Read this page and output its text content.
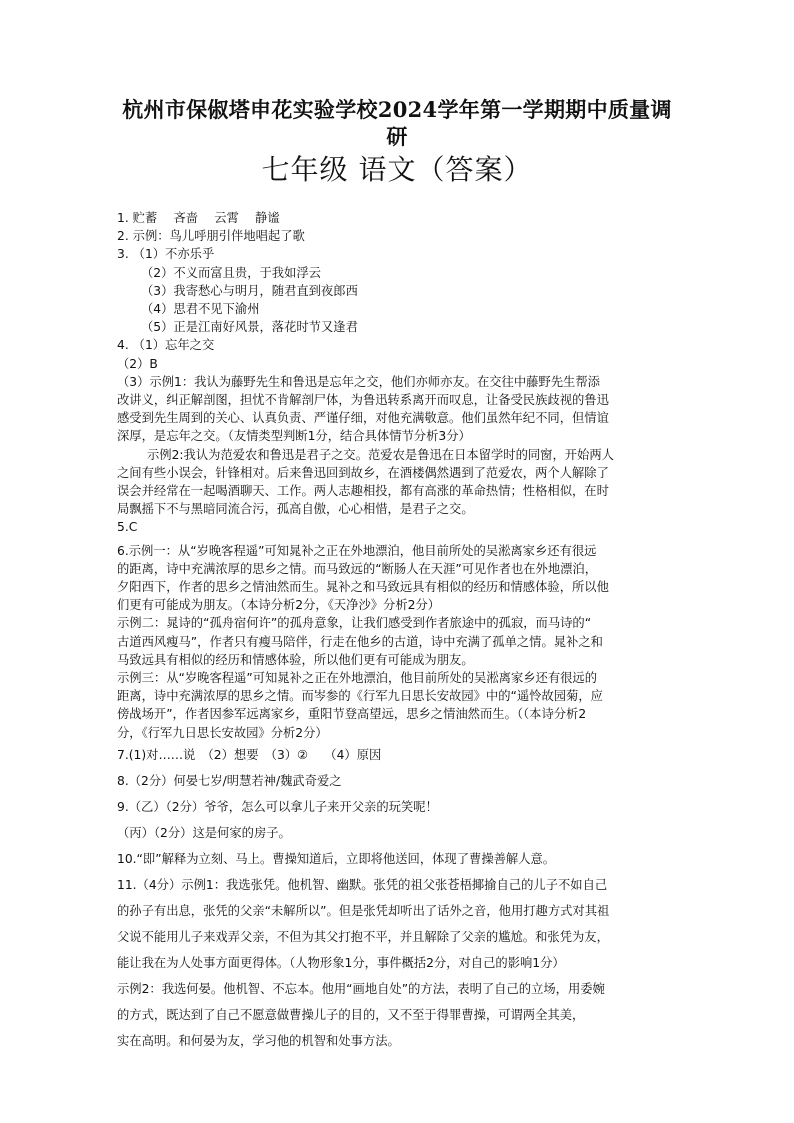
杭州市保俶塔申花实验学校2024学年第一学期期中质量调
研
七年级 语文（答案）
1. 贮蓄　 吝啬　 云霄　 静谧
2. 示例：鸟儿呼朋引伴地唱起了歌
3. （1）不亦乐乎
（2）不义而富且贵，于我如浮云
（3）我寄愁心与明月，随君直到夜郎西
（4）思君不见下渝州
（5）正是江南好风景，落花时节又逢君
4. （1）忘年之交
（2）B
（3）示例1：我认为藤野先生和鲁迅是忘年之交，他们亦师亦友。在交往中藤野先生帮添
改讲义，纠正解剖图，担忧不肯解剖尸体，为鲁迅转系离开而叹息，让备受民族歧视的鲁迅
感受到先生周到的关心、认真负责、严谨仔细，对他充满敬意。他们虽然年纪不同，但情谊
深厚，是忘年之交。（友情类型判断1分，结合具体情节分析3分）
示例2:我认为范爱农和鲁迅是君子之交。范爱农是鲁迅在日本留学时的同窗，开始两人
之间有些小误会，针锋相对。后来鲁迅回到故乡，在酒楼偶然遇到了范爱农，两个人解除了
误会并经常在一起喝酒聊天、工作。两人志趣相投，都有高涨的革命热情；性格相似，在时
局飘摇下不与黑暗同流合污，孤高自傲，心心相惜，是君子之交。
5.C
6.示例一：从“岁晚客程遥”可知晁补之正在外地漂泊，他目前所处的吴淞离家乡还有很远
的距离，诗中充满浓厚的思乡之情。而马致远的“断肠人在天涯”可见作者也在外地漂泊，
夕阳西下，作者的思乡之情油然而生。晁补之和马致远具有相似的经历和情感体验，所以他
们更有可能成为朋友。（本诗分析2分，《天净沙》分析2分）
示例二：晁诗的“孤舟宿何许”的孤舟意象，让我们感受到作者旅途中的孤寂，而马诗的“
古道西风瘦马”，作者只有瘦马陪伴，行走在他乡的古道，诗中充满了孤单之情。晁补之和
马致远具有相似的经历和情感体验，所以他们更有可能成为朋友。
示例三：从“岁晚客程遥”可知晁补之正在外地漂泊，他目前所处的吴淞离家乡还有很远的
距离，诗中充满浓厚的思乡之情。而岑参的《行军九日思长安故园》中的“遥怜故园菊，应
傍战场开”，作者因参军远离家乡，重阳节登高望远，思乡之情油然而生。（（本诗分析2
分，《行军九日思长安故园》分析2分）
7.(1)对……说　（2）想要　（3）②　 （4）原因
8.（2分）何晏七岁/明慧若神/魏武奇爱之
9.（乙）（2分）爷爷，怎么可以拿儿子来开父亲的玩笑呢！
（丙）（2分）这是何家的房子。
10.“即”解释为立刻、马上。曹操知道后，立即将他送回，体现了曹操善解人意。
11.（4分）示例1：我选张凭。他机智、幽默。张凭的祖父张苍梧揶揄自己的儿子不如自己
的孙子有出息，张凭的父亲“未解所以”。但是张凭却听出了话外之音，他用打趣方式对其祖
父说不能用儿子来戏弄父亲，不但为其父打抱不平，并且解除了父亲的尴尬。和张凭为友，
能让我在为人处事方面更得体。（人物形象1分，事件概括2分，对自己的影响1分）
示例2：我选何晏。他机智、不忘本。他用“画地自处”的方法，表明了自己的立场，用委婉
的方式，既达到了自己不愿意做曹操儿子的目的，又不至于得罪曹操，可谓两全其美，
实在高明。和何晏为友，学习他的机智和处事方法。
